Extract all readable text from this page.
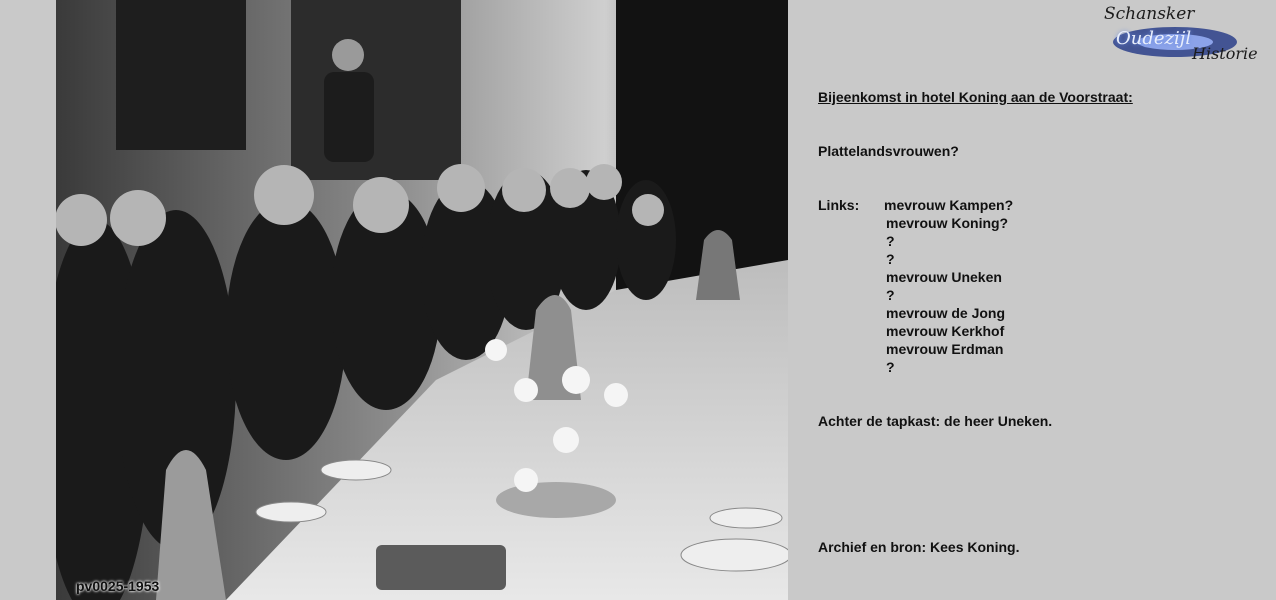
pv0025-1953
Schansker
Oudezijl
Historie
Bijeenkomst in hotel Koning aan de Voorstraat:
Plattelandsvrouwen?
Links:	mevrouw Kampen?
mevrouw Koning?
?
?
mevrouw Uneken
?
mevrouw de Jong
mevrouw Kerkhof
mevrouw Erdman
?
Achter de tapkast: de heer Uneken.
Archief en bron: Kees Koning.
